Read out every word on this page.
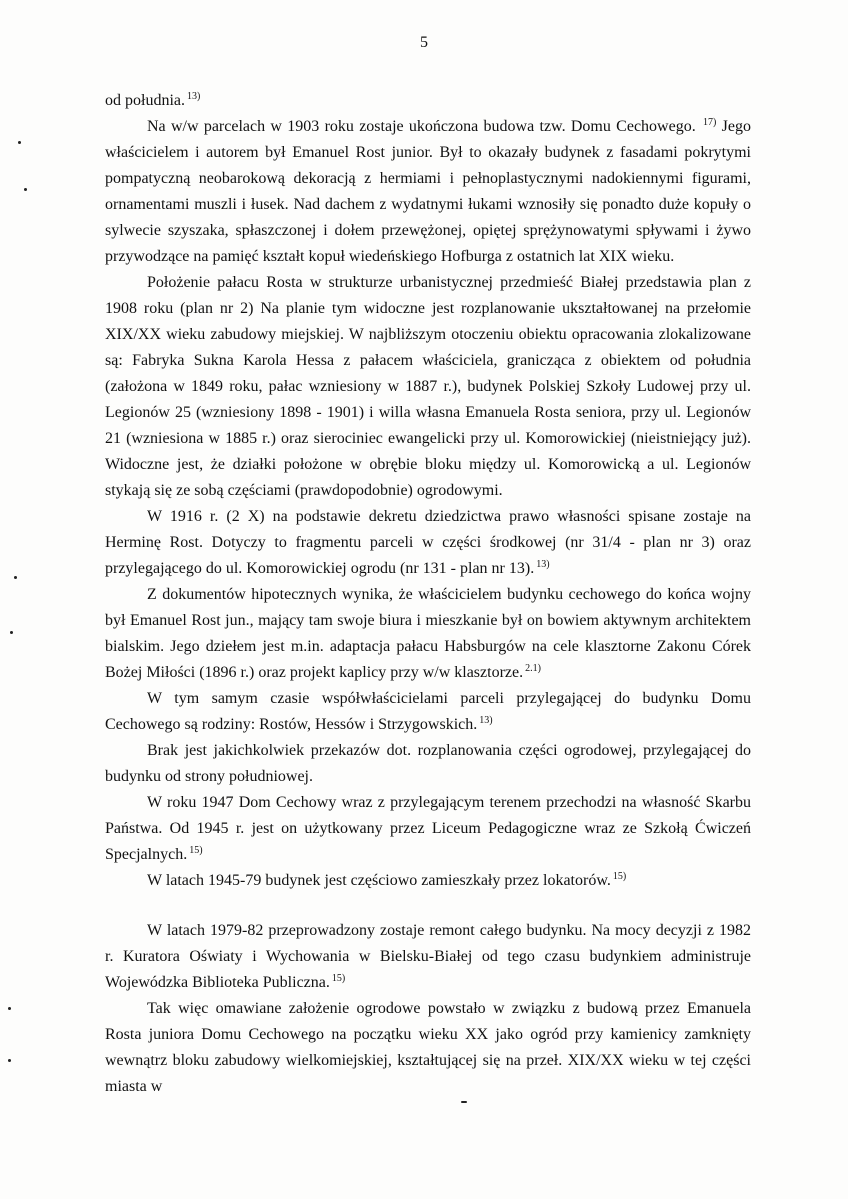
5

od południa. $^{13)}$

Na w/w parcelach w 1903 roku zostaje ukończona budowa tzw. Domu Cechowego. $^{17)}$ Jego właścicielem i autorem był Emanuel Rost junior. Był to okazały budynek z fasadami pokrytymi pompatyczną neobarokową dekoracją z hermiami i pełnoplastycznymi nadokiennymi figurami, ornamentami muszli i łusek. Nad dachem z wydatnymi łukami wznosiły się ponadto duże kopuły o sylwecie szyszaka, spłaszczonej i dołem przewężonej, opiętej sprężynowatymi spływami i żywo przywodzące na pamięć kształt kopuł wiedeńskiego Hofburga z ostatnich lat XIX wieku.

Położenie pałacu Rosta w strukturze urbanistycznej przedmieść Białej przedstawia plan z 1908 roku (plan nr 2) Na planie tym widoczne jest rozplanowanie ukształtowanej na przełomie XIX/XX wieku zabudowy miejskiej. W najbliższym otoczeniu obiektu opracowania zlokalizowane są: Fabryka Sukna Karola Hessa z pałacem właściciela, granicząca z obiektem od południa (założona w 1849 roku, pałac wzniesiony w 1887 r.), budynek Polskiej Szkoły Ludowej przy ul. Legionów 25 (wzniesiony 1898 - 1901) i willa własna Emanuela Rosta seniora, przy ul. Legionów 21 (wzniesiona w 1885 r.) oraz sierociniec ewangelicki przy ul. Komorowickiej (nieistniejący już). Widoczne jest, że działki położone w obrębie bloku między ul. Komorowicką a ul. Legionów stykają się ze sobą częściami (prawdopodobnie) ogrodowymi.

W 1916 r. (2 X) na podstawie dekretu dziedzictwa prawo własności spisane zostaje na Herminę Rost. Dotyczy to fragmentu parceli w części środkowej (nr 31/4 - plan nr 3) oraz przylegającego do ul. Komorowickiej ogrodu (nr 131 - plan nr 13). $^{13)}$

Z dokumentów hipotecznych wynika, że właścicielem budynku cechowego do końca wojny był Emanuel Rost jun., mający tam swoje biura i mieszkanie był on bowiem aktywnym architektem bialskim. Jego dziełem jest m.in. adaptacja pałacu Habsburgów na cele klasztorne Zakonu Córek Bożej Miłości (1896 r.) oraz projekt kaplicy przy w/w klasztorze. $^{2.1)}$

W tym samym czasie współwłaścicielami parceli przylegającej do budynku Domu Cechowego są rodziny: Rostów, Hessów i Strzygowskich. $^{13)}$

Brak jest jakichkolwiek przekazów dot. rozplanowania części ogrodowej, przylegającej do budynku od strony południowej.

W roku 1947 Dom Cechowy wraz z przylegającym terenem przechodzi na własność Skarbu Państwa. Od 1945 r. jest on użytkowany przez Liceum Pedagogiczne wraz ze Szkołą Ćwiczeń Specjalnych. $^{15)}$

W latach 1945-79 budynek jest częściowo zamieszkały przez lokatorów. $^{15)}$

W latach 1979-82 przeprowadzony zostaje remont całego budynku. Na mocy decyzji z 1982 r. Kuratora Oświaty i Wychowania w Bielsku-Białej od tego czasu budynkiem administruje Wojewódzka Biblioteka Publiczna. $^{15)}$

Tak więc omawiane założenie ogrodowe powstało w związku z budową przez Emanuela Rosta juniora Domu Cechowego na początku wieku XX jako ogród przy kamienicy zamknięty wewnątrz bloku zabudowy wielkomiejskiej, kształtującej się na przeł. XIX/XX wieku w tej części miasta w
